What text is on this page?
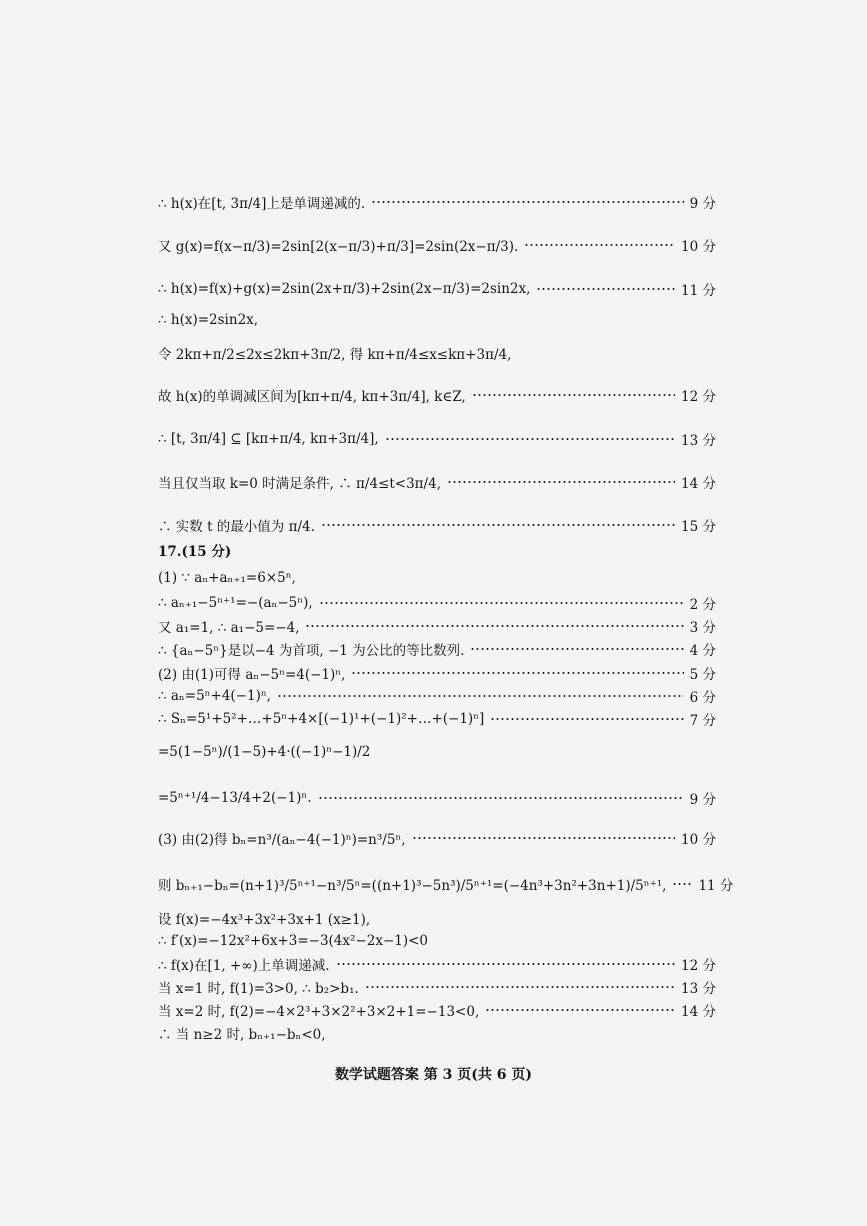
∴ h(x)在[t, 3π/4]上是单调递减的.	9 分
又 g(x)=f(x−π/3)=2sin[2(x−π/3)+π/3]=2sin(2x−π/3).	10 分
∴ h(x)=f(x)+g(x)=2sin(2x+π/3)+2sin(2x−π/3)=2sin2x,	11 分
∴ h(x)=2sin2x,
令 2kπ+π/2≤2x≤2kπ+3π/2, 得 kπ+π/4≤x≤kπ+3π/4,
故 h(x)的单调减区间为[kπ+π/4, kπ+3π/4], k∈Z,	12 分
∴ [t, 3π/4] ⊆ [kπ+π/4, kπ+3π/4],	13 分
当且仅当取 k=0 时满足条件, ∴ π/4≤t<3π/4,	14 分
∴ 实数 t 的最小值为 π/4.	15 分
17.(15 分)
(1) ∵ aₙ+aₙ₊₁=6×5ⁿ,
∴ aₙ₊₁−5ⁿ⁺¹=−(aₙ−5ⁿ),	2 分
又 a₁=1, ∴ a₁−5=−4,	3 分
∴ {aₙ−5ⁿ}是以−4 为首项, −1 为公比的等比数列.	4 分
(2) 由(1)可得 aₙ−5ⁿ=4(−1)ⁿ,	5 分
∴ aₙ=5ⁿ+4(−1)ⁿ,	6 分
∴ Sₙ=5¹+5²+…+5ⁿ+4×[(−1)¹+(−1)²+…+(−1)ⁿ]	7 分
=5(1−5ⁿ)/(1−5)+4·((−1)ⁿ−1)/2
=5ⁿ⁺¹/4−13/4+2(−1)ⁿ.	9 分
(3) 由(2)得 bₙ=n³/(aₙ−4(−1)ⁿ)=n³/5ⁿ,	10 分
则 bₙ₊₁−bₙ=(n+1)³/5ⁿ⁺¹−n³/5ⁿ=((n+1)³−5n³)/5ⁿ⁺¹=(−4n³+3n²+3n+1)/5ⁿ⁺¹, 11 分
设 f(x)=−4x³+3x²+3x+1 (x≥1),
∴ f′(x)=−12x²+6x+3=−3(4x²−2x−1)<0
∴ f(x)在[1, +∞)上单调递减.	12 分
当 x=1 时, f(1)=3>0, ∴ b₂>b₁.	13 分
当 x=2 时, f(2)=−4×2³+3×2²+3×2+1=−13<0,	14 分
∴ 当 n≥2 时, bₙ₊₁−bₙ<0,
数学试题答案 第 3 页(共 6 页)
